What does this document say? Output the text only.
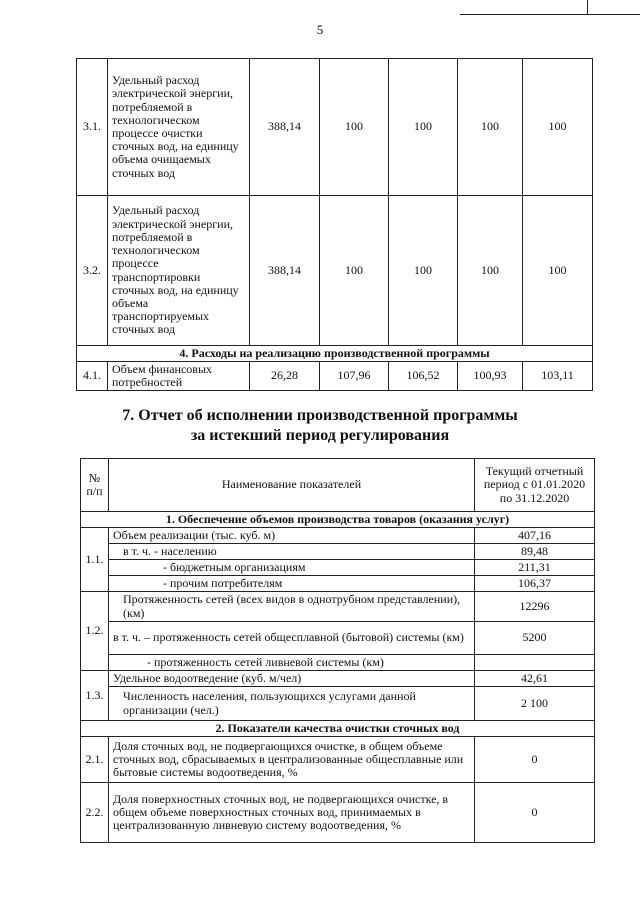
5
3.1.	Удельный расход электрической энергии, потребляемой в технологическом процессе очистки сточных вод, на единицу объема очищаемых сточных вод	388,14	100	100	100	100
3.2.	Удельный расход электрической энергии, потребляемой в технологическом процессе транспортировки сточных вод, на единицу объема транспортируемых сточных вод	388,14	100	100	100	100
4. Расходы на реализацию производственной программы						
4.1.	Объем финансовых потребностей	26,28	107,96	106,52	100,93	103,11
7. Отчет об исполнении производственной программы
за истекший период регулирования
№ п/п	Наименование показателей	Текущий отчетный период с 01.01.2020 по 31.12.2020
1. Обеспечение объемов производства товаров (оказания услуг)		
1.1.	Объем реализации (тыс. куб. м)	407,16
	в т. ч. - населению	89,48
	- бюджетным организациям	211,31
	- прочим потребителям	106,37
1.2.	Протяженность сетей (всех видов в однотрубном представлении), (км)	12296
	в т. ч. – протяженность сетей общесплавной (бытовой) системы (км)	5200
	- протяженность сетей ливневой системы (км)	
1.3.	Удельное водоотведение (куб. м/чел)	42,61
	Численность населения, пользующихся услугами данной организации (чел.)	2 100
2. Показатели качества очистки сточных вод		
2.1.	Доля сточных вод, не подвергающихся очистке, в общем объеме сточных вод, сбрасываемых в централизованные общесплавные или бытовые системы водоотведения, %	0
2.2.	Доля поверхностных сточных вод, не подвергающихся очистке, в общем объеме поверхностных сточных вод, принимаемых в централизованную ливневую систему водоотведения, %	0
